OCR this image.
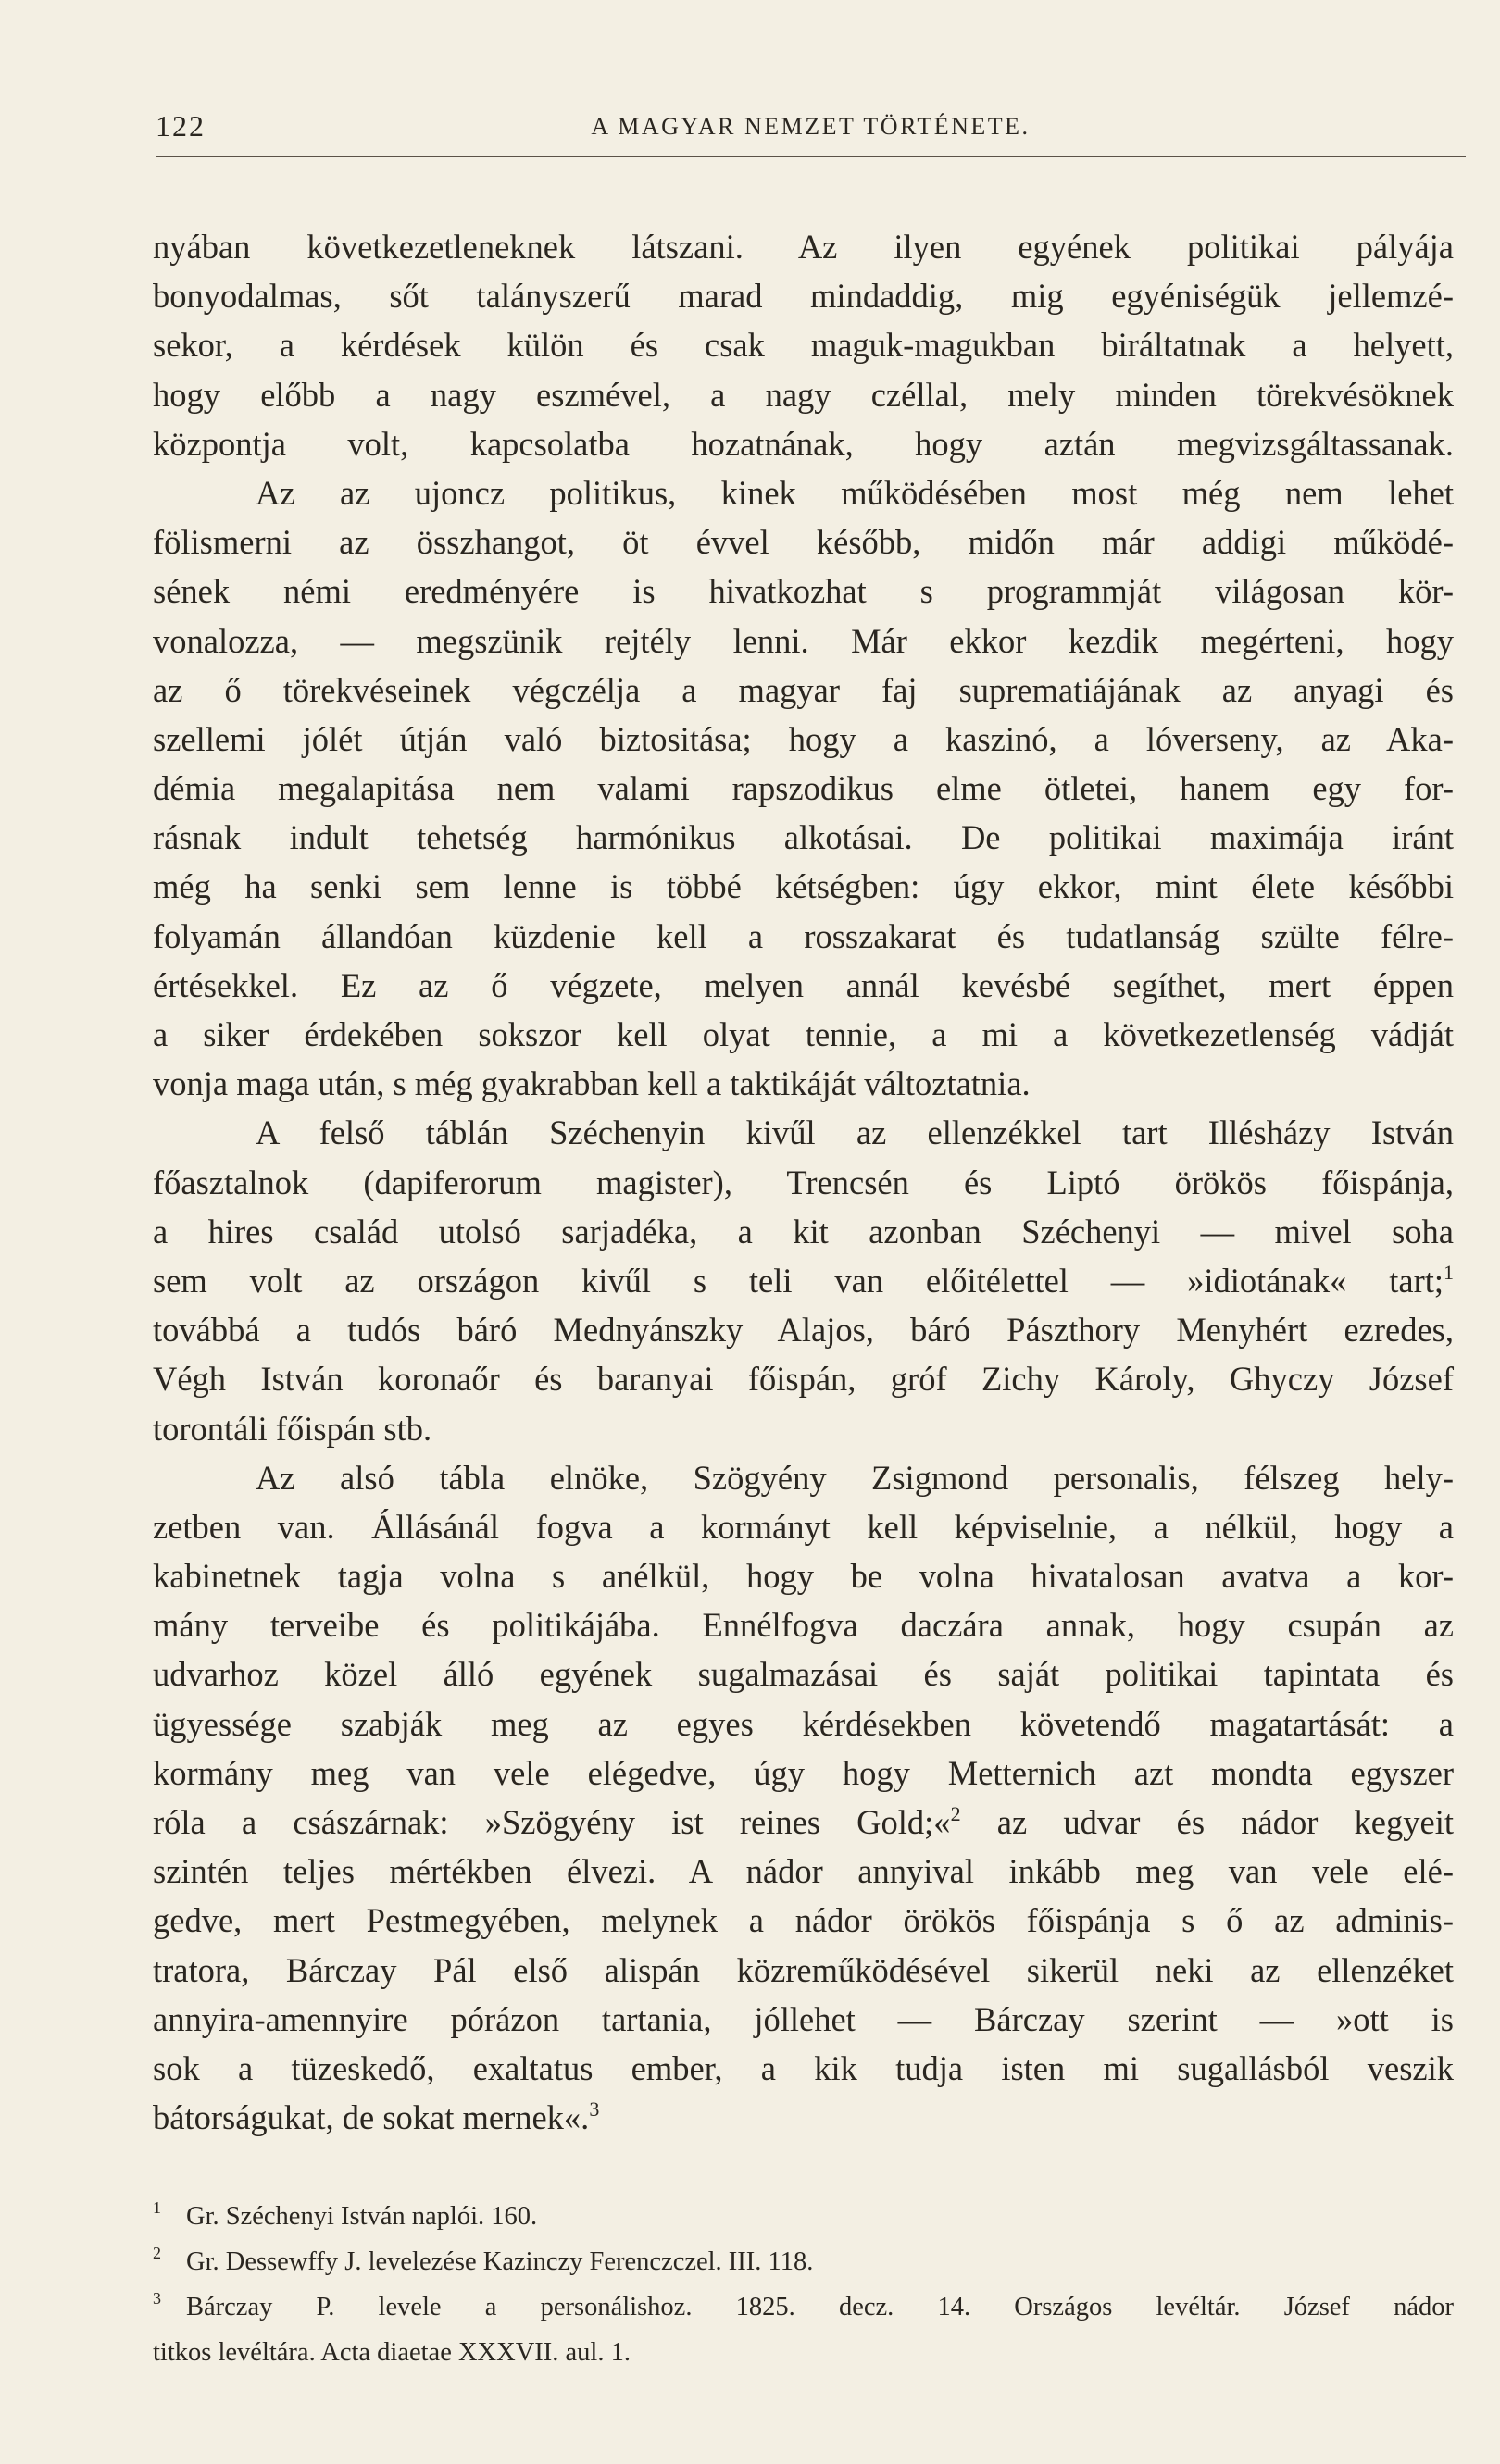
122	A MAGYAR NEMZET TÖRTÉNETE.
nyában következetleneknek látszani. Az ilyen egyének politikai pályája
bonyodalmas, sőt talányszerű marad mindaddig, mig egyéniségük jellemzé-
sekor, a kérdések külön és csak maguk-magukban biráltatnak a helyett,
hogy előbb a nagy eszmével, a nagy czéllal, mely minden törekvésöknek
központja volt, kapcsolatba hozatnának, hogy aztán megvizsgáltassanak.
Az az ujoncz politikus, kinek működésében most még nem lehet
fölismerni az összhangot, öt évvel később, midőn már addigi működé-
sének némi eredményére is hivatkozhat s programmját világosan kör-
vonalozza, — megszünik rejtély lenni. Már ekkor kezdik megérteni, hogy
az ő törekvéseinek végczélja a magyar faj suprematiájának az anyagi és
szellemi jólét útján való biztositása; hogy a kaszinó, a lóverseny, az Aka-
démia megalapitása nem valami rapszodikus elme ötletei, hanem egy for-
rásnak indult tehetség harmónikus alkotásai. De politikai maximája iránt
még ha senki sem lenne is többé kétségben: úgy ekkor, mint élete későbbi
folyamán állandóan küzdenie kell a rosszakarat és tudatlanság szülte félre-
értésekkel. Ez az ő végzete, melyen annál kevésbé segíthet, mert éppen
a siker érdekében sokszor kell olyat tennie, a mi a következetlenség vádját
vonja maga után, s még gyakrabban kell a taktikáját változtatnia.
A felső táblán Széchenyin kivűl az ellenzékkel tart Illésházy István
főasztalnok (dapiferorum magister), Trencsén és Liptó örökös főispánja,
a hires család utolsó sarjadéka, a kit azonban Széchenyi — mivel soha
sem volt az országon kivűl s teli van előitélettel — »idiotának« tart;$^1$
továbbá a tudós báró Mednyánszky Alajos, báró Pászthory Menyhért ezredes,
Végh István koronaőr és baranyai főispán, gróf Zichy Károly, Ghyczy József
torontáli főispán stb.
Az alsó tábla elnöke, Szögyény Zsigmond personalis, félszeg hely-
zetben van. Állásánál fogva a kormányt kell képviselnie, a nélkül, hogy a
kabinetnek tagja volna s anélkül, hogy be volna hivatalosan avatva a kor-
mány terveibe és politikájába. Ennélfogva daczára annak, hogy csupán az
udvarhoz közel álló egyének sugalmazásai és saját politikai tapintata és
ügyessége szabják meg az egyes kérdésekben követendő magatartását: a
kormány meg van vele elégedve, úgy hogy Metternich azt mondta egyszer
róla a császárnak: »Szögyény ist reines Gold;«$^2$ az udvar és nádor kegyeit
szintén teljes mértékben élvezi. A nádor annyival inkább meg van vele elé-
gedve, mert Pestmegyében, melynek a nádor örökös főispánja s ő az adminis-
tratora, Bárczay Pál első alispán közreműködésével sikerül neki az ellenzéket
annyira-amennyire pórázon tartania, jóllehet — Bárczay szerint — »ott is
sok a tüzeskedő, exaltatus ember, a kik tudja isten mi sugallásból veszik
bátorságukat, de sokat mernek«.$^3$
1 Gr. Széchenyi István naplói. 160.
2 Gr. Dessewffy J. levelezése Kazinczy Ferenczczel. III. 118.
3 Bárczay P. levele a personálishoz. 1825. decz. 14. Országos levéltár. József nádor
titkos levéltára. Acta diaetae XXXVII. aul. 1.
